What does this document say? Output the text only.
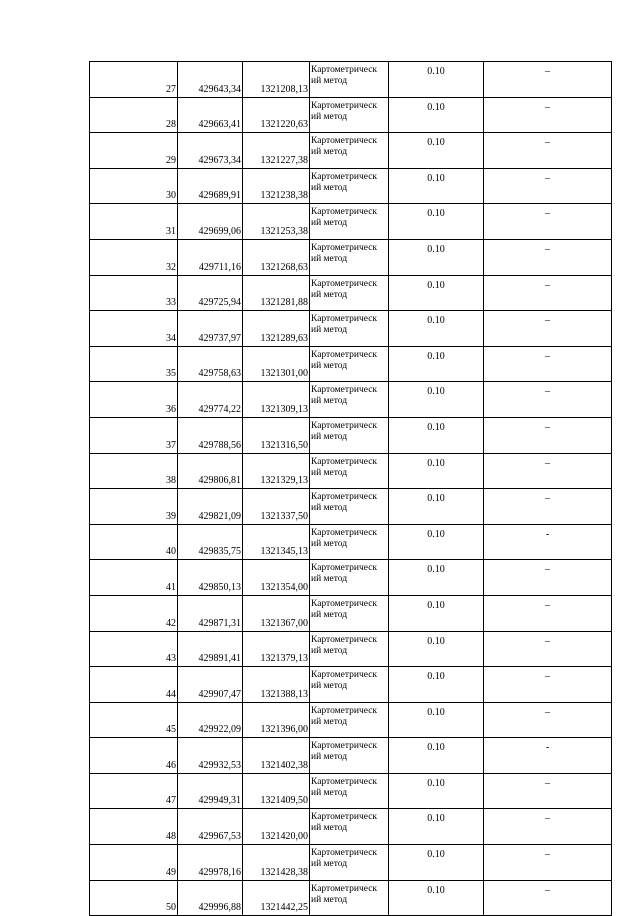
27	429643,34	1321208,13	Картометрическ ий метод	0.10	–
28	429663,41	1321220,63	Картометрическ ий метод	0.10	–
29	429673,34	1321227,38	Картометрическ ий метод	0.10	–
30	429689,91	1321238,38	Картометрическ ий метод	0.10	–
31	429699,06	1321253,38	Картометрическ ий метод	0.10	–
32	429711,16	1321268,63	Картометрическ ий метод	0.10	–
33	429725,94	1321281,88	Картометрическ ий метод	0.10	–
34	429737,97	1321289,63	Картометрическ ий метод	0.10	–
35	429758,63	1321301,00	Картометрическ ий метод	0.10	–
36	429774,22	1321309,13	Картометрическ ий метод	0.10	–
37	429788,56	1321316,50	Картометрическ ий метод	0.10	–
38	429806,81	1321329,13	Картометрическ ий метод	0.10	–
39	429821,09	1321337,50	Картометрическ ий метод	0.10	–
40	429835,75	1321345,13	Картометрическ ий метод	0.10	-
41	429850,13	1321354,00	Картометрическ ий метод	0.10	–
42	429871,31	1321367,00	Картометрическ ий метод	0.10	–
43	429891,41	1321379,13	Картометрическ ий метод	0.10	–
44	429907,47	1321388,13	Картометрическ ий метод	0.10	–
45	429922,09	1321396,00	Картометрическ ий метод	0.10	–
46	429932,53	1321402,38	Картометрическ ий метод	0.10	-
47	429949,31	1321409,50	Картометрическ ий метод	0.10	–
48	429967,53	1321420,00	Картометрическ ий метод	0.10	–
49	429978,16	1321428,38	Картометрическ ий метод	0.10	–
50	429996,88	1321442,25	Картометрическ ий метод	0.10	–
